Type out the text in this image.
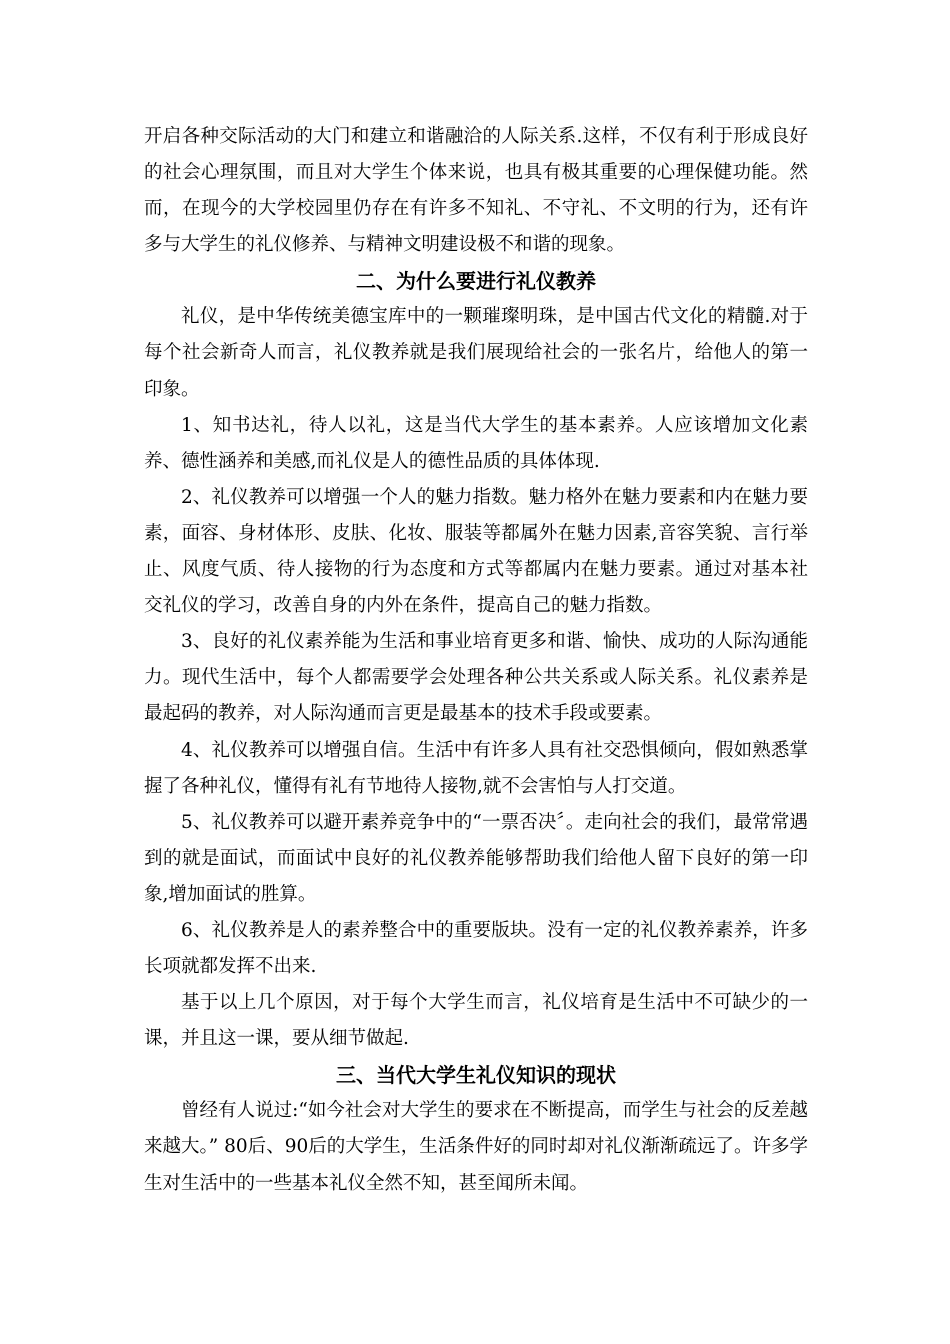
开启各种交际活动的大门和建立和谐融洽的人际关系.这样，不仅有利于形成良好的社会心理氛围，而且对大学生个体来说，也具有极其重要的心理保健功能。然而，在现今的大学校园里仍存在有许多不知礼、不守礼、不文明的行为，还有许多与大学生的礼仪修养、与精神文明建设极不和谐的现象。

二、为什么要进行礼仪教养

礼仪，是中华传统美德宝库中的一颗璀璨明珠，是中国古代文化的精髓.对于每个社会新奇人而言，礼仪教养就是我们展现给社会的一张名片，给他人的第一印象。

1、知书达礼，待人以礼，这是当代大学生的基本素养。人应该增加文化素养、德性涵养和美感,而礼仪是人的德性品质的具体体现.

2、礼仪教养可以增强一个人的魅力指数。魅力格外在魅力要素和内在魅力要素，面容、身材体形、皮肤、化妆、服装等都属外在魅力因素,音容笑貌、言行举止、风度气质、待人接物的行为态度和方式等都属内在魅力要素。通过对基本社交礼仪的学习，改善自身的内外在条件，提高自己的魅力指数。

3、良好的礼仪素养能为生活和事业培育更多和谐、愉快、成功的人际沟通能力。现代生活中，每个人都需要学会处理各种公共关系或人际关系。礼仪素养是最起码的教养，对人际沟通而言更是最基本的技术手段或要素。

4、礼仪教养可以增强自信。生活中有许多人具有社交恐惧倾向，假如熟悉掌握了各种礼仪，懂得有礼有节地待人接物,就不会害怕与人打交道。

5、礼仪教养可以避开素养竞争中的“一票否决〞。走向社会的我们，最常常遇到的就是面试，而面试中良好的礼仪教养能够帮助我们给他人留下良好的第一印象,增加面试的胜算。

6、礼仪教养是人的素养整合中的重要版块。没有一定的礼仪教养素养，许多长项就都发挥不出来.

基于以上几个原因，对于每个大学生而言，礼仪培育是生活中不可缺少的一课，并且这一课，要从细节做起.

三、当代大学生礼仪知识的现状

曾经有人说过:“如今社会对大学生的要求在不断提高，而学生与社会的反差越来越大。” 80后、90后的大学生，生活条件好的同时却对礼仪渐渐疏远了。许多学生对生活中的一些基本礼仪全然不知，甚至闻所未闻。
